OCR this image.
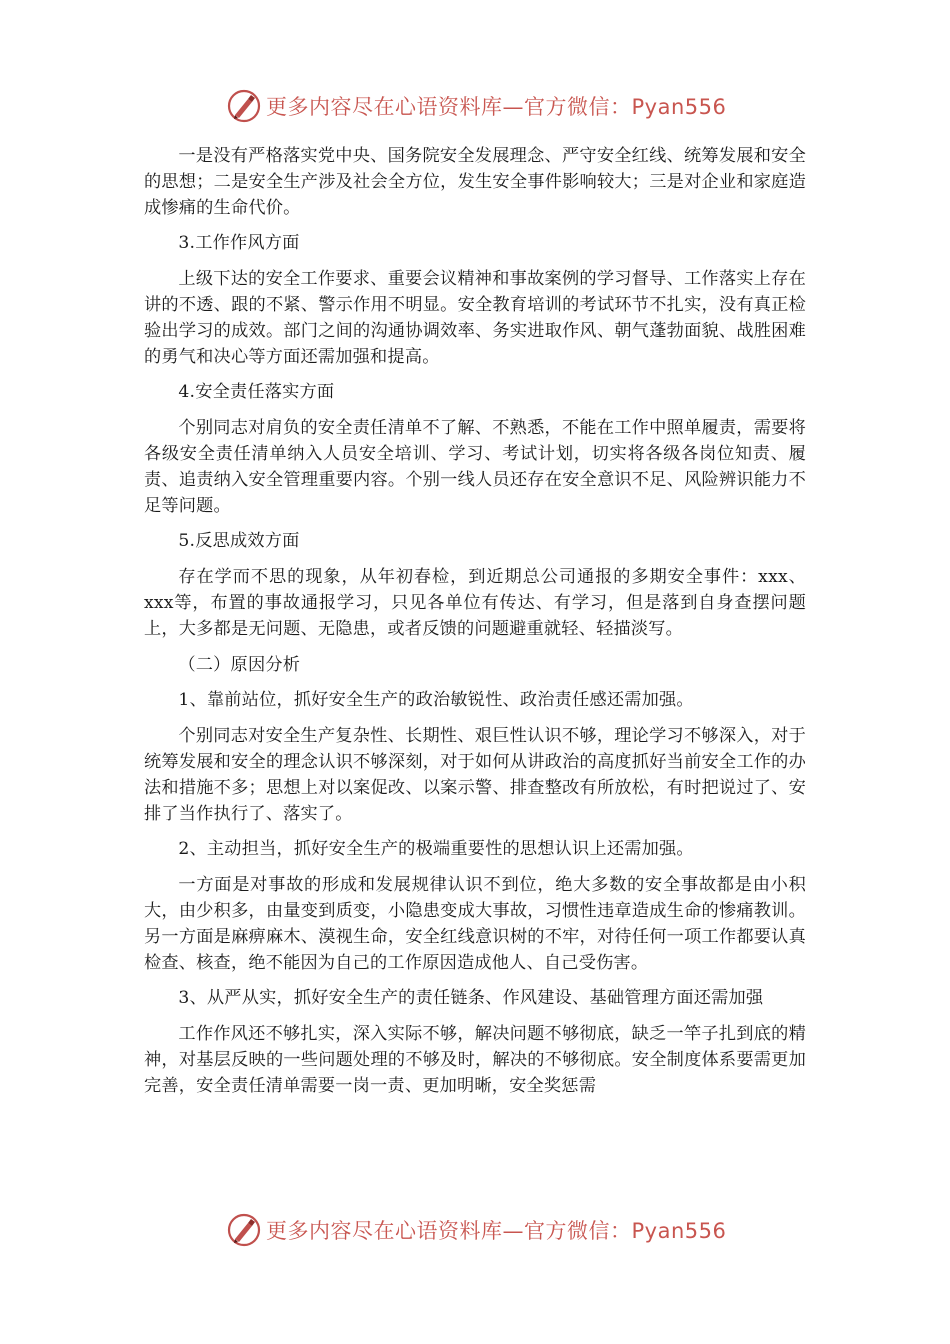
更多内容尽在心语资料库—官方微信：Pyan556

一是没有严格落实党中央、国务院安全发展理念、严守安全红线、统筹发展和安全的思想；二是安全生产涉及社会全方位，发生安全事件影响较大；三是对企业和家庭造成惨痛的生命代价。

3.工作作风方面

上级下达的安全工作要求、重要会议精神和事故案例的学习督导、工作落实上存在讲的不透、跟的不紧、警示作用不明显。安全教育培训的考试环节不扎实，没有真正检验出学习的成效。部门之间的沟通协调效率、务实进取作风、朝气蓬勃面貌、战胜困难的勇气和决心等方面还需加强和提高。

4.安全责任落实方面

个别同志对肩负的安全责任清单不了解、不熟悉，不能在工作中照单履责，需要将各级安全责任清单纳入人员安全培训、学习、考试计划，切实将各级各岗位知责、履责、追责纳入安全管理重要内容。个别一线人员还存在安全意识不足、风险辨识能力不足等问题。

5.反思成效方面

存在学而不思的现象，从年初春检，到近期总公司通报的多期安全事件：xxx、xxx等，布置的事故通报学习，只见各单位有传达、有学习，但是落到自身查摆问题上，大多都是无问题、无隐患，或者反馈的问题避重就轻、轻描淡写。

（二）原因分析

1、靠前站位，抓好安全生产的政治敏锐性、政治责任感还需加强。

个别同志对安全生产复杂性、长期性、艰巨性认识不够，理论学习不够深入，对于统筹发展和安全的理念认识不够深刻，对于如何从讲政治的高度抓好当前安全工作的办法和措施不多；思想上对以案促改、以案示警、排查整改有所放松，有时把说过了、安排了当作执行了、落实了。

2、主动担当，抓好安全生产的极端重要性的思想认识上还需加强。

一方面是对事故的形成和发展规律认识不到位，绝大多数的安全事故都是由小积大，由少积多，由量变到质变，小隐患变成大事故，习惯性违章造成生命的惨痛教训。另一方面是麻痹麻木、漠视生命，安全红线意识树的不牢，对待任何一项工作都要认真检查、核查，绝不能因为自己的工作原因造成他人、自己受伤害。

3、从严从实，抓好安全生产的责任链条、作风建设、基础管理方面还需加强

工作作风还不够扎实，深入实际不够，解决问题不够彻底，缺乏一竿子扎到底的精神，对基层反映的一些问题处理的不够及时，解决的不够彻底。安全制度体系要需更加完善，安全责任清单需要一岗一责、更加明晰，安全奖惩需

更多内容尽在心语资料库—官方微信：Pyan556
